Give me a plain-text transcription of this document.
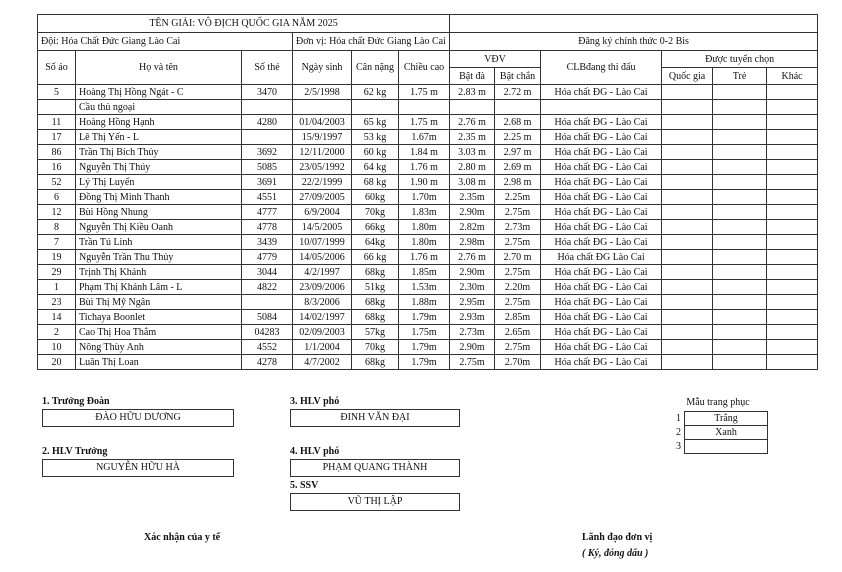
TÊN GIẢI: VÔ ĐỊCH QUỐC GIA NĂM 2025											
Đội: Hóa Chất Đức Giang Lào Cai			Đơn vị: Hóa chất Đức Giang Lào Cai			Đăng ký chính thức 0-2 Bis					
Số áo	Họ và tên	Số thẻ	Ngày sinh	Cân nặng	Chiều cao	VĐV		CLBđang thi đấu	Được tuyển chọn		
						Bật đà	Bật chắn		Quốc gia	Trẻ	Khác
5	Hoàng Thị Hồng Ngát - C	3470	2/5/1998	62 kg	1.75 m	2.83 m	2.72 m	Hóa chất ĐG - Lào Cai			
	Cầu thủ ngoại										
11	Hoàng Hồng Hạnh	4280	01/04/2003	65 kg	1.75 m	2.76 m	2.68 m	Hóa chất ĐG - Lào Cai			
17	Lê Thị Yến - L		15/9/1997	53 kg	1.67m	2.35 m	2.25 m	Hóa chất ĐG - Lào Cai			
86	Trần Thị Bích Thủy	3692	12/11/2000	60 kg	1.84 m	3.03 m	2.97 m	Hóa chất ĐG - Lào Cai			
16	Nguyễn Thị Thúy	5085	23/05/1992	64 kg	1.76 m	2.80 m	2.69 m	Hóa chất ĐG - Lào Cai			
52	Lý Thị Luyến	3691	22/2/1999	68 kg	1.90 m	3.08 m	2.98 m	Hóa chất ĐG - Lào Cai			
6	Đồng Thị Minh Thanh	4551	27/09/2005	60kg	1.70m	2.35m	2.25m	Hóa chất ĐG - Lào Cai			
12	Bùi Hồng Nhung	4777	6/9/2004	70kg	1.83m	2.90m	2.75m	Hóa chất ĐG - Lào Cai			
8	Nguyễn Thị Kiều Oanh	4778	14/5/2005	66kg	1.80m	2.82m	2.73m	Hóa chất ĐG - Lào Cai			
7	Trần Tú Linh	3439	10/07/1999	64kg	1.80m	2.98m	2.75m	Hóa chất ĐG - Lào Cai			
19	Nguyễn Trần Thu Thủy	4779	14/05/2006	66 kg	1.76 m	2.76 m	2.70 m	Hóa chất ĐG Lào Cai			
29	Trịnh Thị Khánh	3044	4/2/1997	68kg	1.85m	2.90m	2.75m	Hóa chất ĐG - Lào Cai			
1	Phạm Thị Khánh Lâm - L	4822	23/09/2006	51kg	1.53m	2.30m	2.20m	Hóa chất ĐG - Lào Cai			
23	Bùi Thị Mỹ Ngân		8/3/2006	68kg	1.88m	2.95m	2.75m	Hóa chất ĐG - Lào Cai			
14	Tichaya Boonlet	5084	14/02/1997	68kg	1.79m	2.93m	2.85m	Hóa chất ĐG - Lào Cai			
2	Cao Thị Hoa Thắm	04283	02/09/2003	57kg	1.75m	2.73m	2.65m	Hóa chất ĐG - Lào Cai			
10	Nông Thùy Anh	4552	1/1/2004	70kg	1.79m	2.90m	2.75m	Hóa chất ĐG - Lào Cai			
20	Luân Thị Loan	4278	4/7/2002	68kg	1.79m	2.75m	2.70m	Hóa chất ĐG - Lào Cai			
1. Trưởng Đoàn
ĐÀO HỮU DƯƠNG
2. HLV Trưởng
NGUYỄN HỮU HÀ
3. HLV phó
ĐINH VĂN ĐẠI
4. HLV phó
PHẠM QUANG THÀNH
5. SSV
VŨ THỊ LẬP
Mẫu trang phục
1	Trắng
2	Xanh
3	
Xác nhận của y tế	Lãnh đạo đơn vị
( Ký, đóng dấu )
